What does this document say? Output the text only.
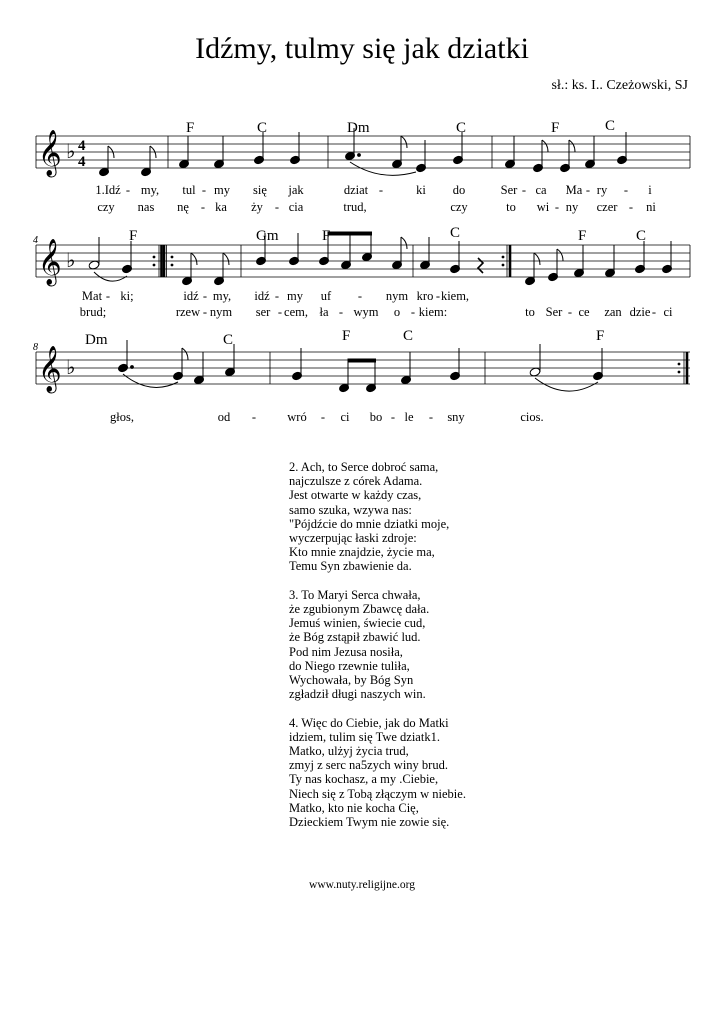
Idźmy, tulmy się jak dziatki
sł.: ks. I.. Czeżowski, SJ
𝄞 ♭ 4
4
F	C	Dm	C	F	C
1.Idź - my, tul - my się jak	dziat -	ki do	Ser - ca Ma - ry - i
czy nas nę - ka ży - cia	trud,	czy	to wi - ny czer - ni
4 𝄞 ♭
F	Gm	F	C	F	C
Mat - ki;	idź - my, idź - my uf - nym kro - kiem,
brud;	rzew - nym ser - cem, ła - wym o - kiem:	to Ser - ce zan dzie - ci
8 𝄞 ♭
Dm	C	F	C	F
głos,	od - wró - ci bo - le - sny	cios.
2. Ach, to Serce dobroć sama,
najczulsze z córek Adama.
Jest otwarte w każdy czas,
samo szuka, wzywa nas:
"Pójdźcie do mnie dziatki moje,
wyczerpując łaski zdroje:
Kto mnie znajdzie, życie ma,
Temu Syn zbawienie da.
3. To Maryi Serca chwała,
że zgubionym Zbawcę dała.
Jemuś winien, świecie cud,
że Bóg zstąpił zbawić lud.
Pod nim Jezusa nosiła,
do Niego rzewnie tuliła,
Wychowała, by Bóg Syn
zgładził długi naszych win.
4. Więc do Ciebie, jak do Matki
idziem, tulim się Twe dziatk1.
Matko, ulżyj życia trud,
zmyj z serc na5zych winy brud.
Ty nas kochasz, a my .Ciebie,
Niech się z Tobą złączym w niebie.
Matko, kto nie kocha Cię,
Dzieckiem Twym nie zowie się.
www.nuty.religijne.org
